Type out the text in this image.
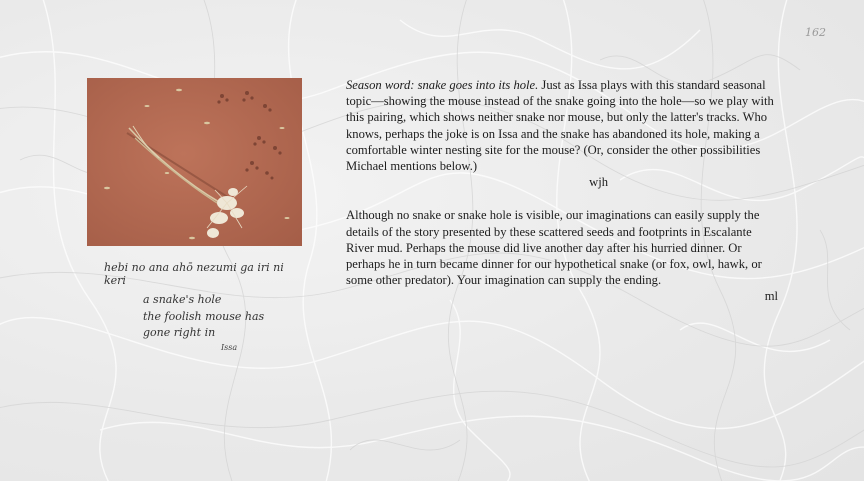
162
hebi no ana ahō nezumi ga iri ni keri
a snake's hole
the foolish mouse has
gone right in
Issa

Season word: snake goes into its hole. Just as Issa plays with this standard seasonal topic—showing the mouse instead of the snake going into the hole—so we play with this pairing, which shows neither snake nor mouse, but only the latter's tracks. Who knows, perhaps the joke is on Issa and the snake has abandoned its hole, making a comfortable winter nesting site for the mouse? (Or, consider the other possibilities Michael mentions below.)

wjh

Although no snake or snake hole is visible, our imaginations can easily supply the details of the story presented by these scattered seeds and footprints in Escalante River mud. Perhaps the mouse did live another day after his hurried dinner. Or perhaps he in turn became dinner for our hypothetical snake (or fox, owl, hawk, or some other predator). Your imagination can supply the ending.

ml
